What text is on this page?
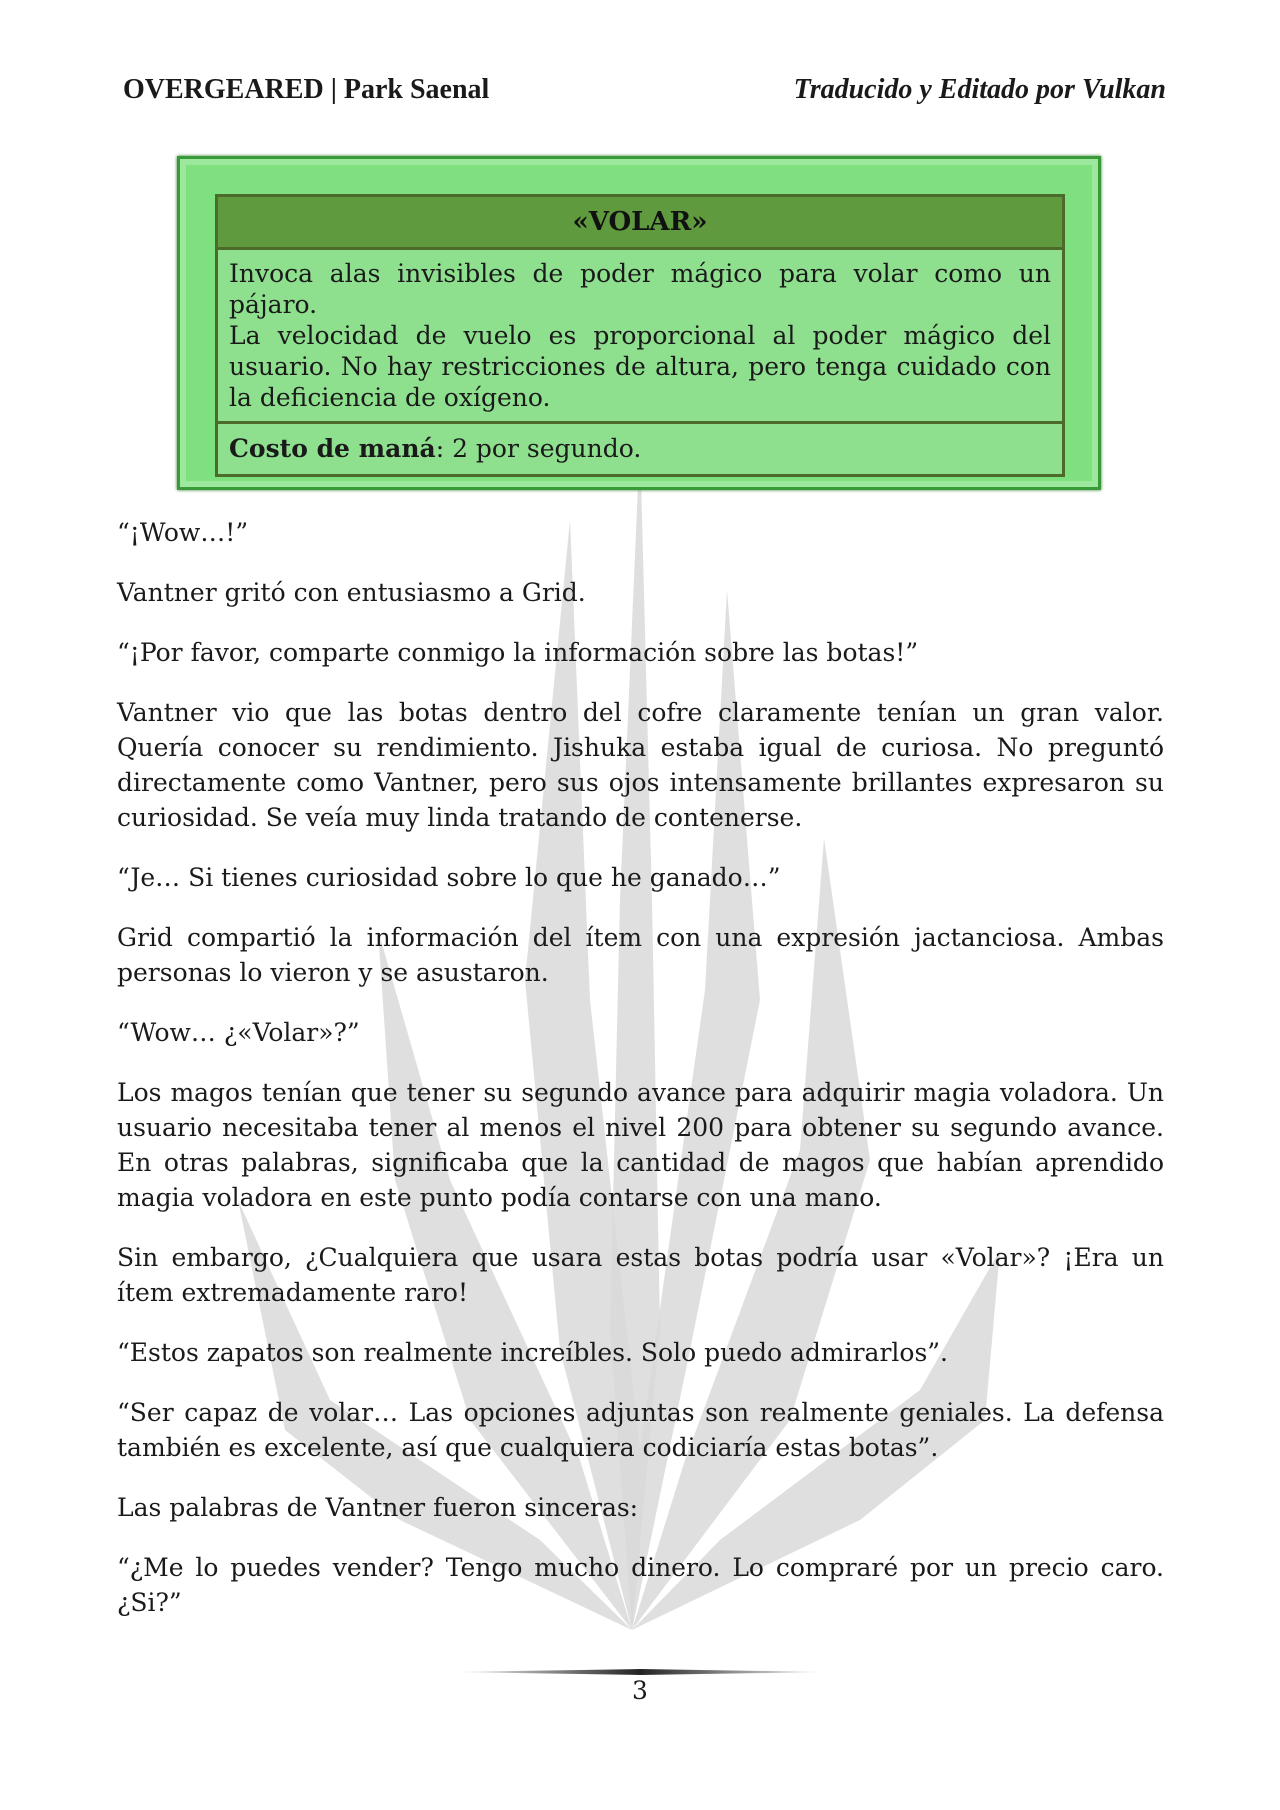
OVERGEARED | Park Saenal	Traducido y Editado por Vulkan
«VOLAR»

Invoca alas invisibles de poder mágico para volar como un pájaro.

La velocidad de vuelo es proporcional al poder mágico del usuario. No hay restricciones de altura, pero tenga cuidado con la deficiencia de oxígeno.

Costo de maná: 2 por segundo.

“¡Wow…!”

Vantner gritó con entusiasmo a Grid.

“¡Por favor, comparte conmigo la información sobre las botas!”

Vantner vio que las botas dentro del cofre claramente tenían un gran valor. Quería conocer su rendimiento. Jishuka estaba igual de curiosa. No preguntó directamente como Vantner, pero sus ojos intensamente brillantes expresaron su curiosidad. Se veía muy linda tratando de contenerse.

“Je… Si tienes curiosidad sobre lo que he ganado…”

Grid compartió la información del ítem con una expresión jactanciosa. Ambas personas lo vieron y se asustaron.

“Wow… ¿«Volar»?”

Los magos tenían que tener su segundo avance para adquirir magia voladora. Un usuario necesitaba tener al menos el nivel 200 para obtener su segundo avance. En otras palabras, significaba que la cantidad de magos que habían aprendido magia voladora en este punto podía contarse con una mano.

Sin embargo, ¿Cualquiera que usara estas botas podría usar «Volar»? ¡Era un ítem extremadamente raro!

“Estos zapatos son realmente increíbles. Solo puedo admirarlos”.

“Ser capaz de volar… Las opciones adjuntas son realmente geniales. La defensa también es excelente, así que cualquiera codiciaría estas botas”.

Las palabras de Vantner fueron sinceras:

“¿Me lo puedes vender? Tengo mucho dinero. Lo compraré por un precio caro. ¿Si?”

3
